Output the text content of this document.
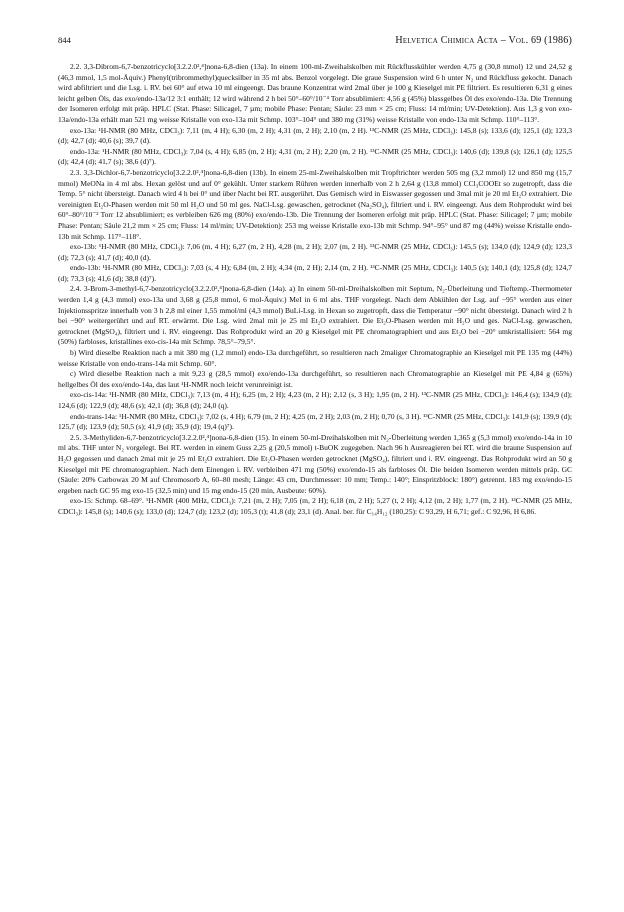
844	Helvetica Chimica Acta – Vol. 69 (1986)

2.2. 3,3-Dibrom-6,7-benzotricyclo[3.2.2.0²,⁴]nona-6,8-dien (13a). In einem 100-ml-Zweihalskolben mit Rückflusskühler werden 4,75 g (30,8 mmol) 12 und 24,52 g (46,3 mmol, 1,5 mol-Äquiv.) Phenyl(tribrommethyl)quecksilber in 35 ml abs. Benzol vorgelegt. Die graue Suspension wird 6 h unter N₂ und Rückfluss gekocht. Danach wird abfiltriert und die Lsg. i. RV. bei 60° auf etwa 10 ml eingeengt. Das braune Konzentrat wird 2mal über je 100 g Kieselgel mit PE filtriert. Es resultieren 6,31 g eines leicht gelben Öls, das exo/endo-13a/12 3:1 enthält; 12 wird während 2 h bei 50°–60°/10⁻⁴ Torr absublimiert: 4,56 g (45%) blassgelbes Öl des exo/endo-13a. Die Trennung der Isomeren erfolgt mit präp. HPLC (Stat. Phase: Silicagel, 7 µm; mobile Phase: Pentan; Säule: 23 mm × 25 cm; Fluss: 14 ml/min; UV-Detektion). Aus 1,3 g von exo-13a/endo-13a erhält man 521 mg weisse Kristalle von exo-13a mit Schmp. 103°–104° und 380 mg (31%) weisse Kristalle von endo-13a mit Schmp. 110°–113°.

exo-13a: ¹H-NMR (80 MHz, CDCl₃): 7,11 (m, 4 H); 6,30 (m, 2 H); 4,31 (m, 2 H); 2,10 (m, 2 H). ¹³C-NMR (25 MHz, CDCl₃): 145,8 (s); 133,6 (d); 125,1 (d); 123,3 (d); 42,7 (d); 40,6 (s); 39,7 (d).

endo-13a: ¹H-NMR (80 MHz, CDCl₃): 7,04 (s, 4 H); 6,85 (m, 2 H); 4,31 (m, 2 H); 2,20 (m, 2 H). ¹³C-NMR (25 MHz, CDCl₃): 140,6 (d); 139,8 (s); 126,1 (d); 125,5 (d); 42,4 (d); 41,7 (s); 38,6 (d)⁷).

2.3. 3,3-Dichlor-6,7-benzotricyclo[3.2.2.0²,⁴]nona-6,8-dien (13b). In einem 25-ml-Zweihalskolben mit Tropftrichter werden 505 mg (3,2 mmol) 12 und 850 mg (15,7 mmol) MeONa in 4 ml abs. Hexan gelöst und auf 0° gekühlt. Unter starkem Rühren werden innerhalb von 2 h 2,64 g (13,8 mmol) CCl₃COOEt so zugetropft, dass die Temp. 5° nicht übersteigt. Danach wird 4 h bei 0° und über Nacht bei RT. ausgerührt. Das Gemisch wird in Eiswasser gegossen und 3mal mit je 20 ml Et₂O extrahiert. Die vereinigten Et₂O-Phasen werden mit 50 ml H₂O und 50 ml ges. NaCl-Lsg. gewaschen, getrocknet (Na₂SO₄), filtriert und i. RV. eingeengt. Aus dem Rohprodukt wird bei 60°–80°/10⁻² Torr 12 absublimiert; es verbleiben 626 mg (80%) exo/endo-13b. Die Trennung der Isomeren erfolgt mit präp. HPLC (Stat. Phase: Silicagel; 7 µm; mobile Phase: Pentan; Säule 21,2 mm × 25 cm; Fluss: 14 ml/min; UV-Detektion): 253 mg weisse Kristalle exo-13b mit Schmp. 94°–95° und 87 mg (44%) weisse Kristalle endo-13b mit Schmp. 117°–118°.

exo-13b: ¹H-NMR (80 MHz, CDCl₃): 7,06 (m, 4 H); 6,27 (m, 2 H), 4,28 (m, 2 H); 2,07 (m, 2 H). ¹³C-NMR (25 MHz, CDCl₃): 145,5 (s); 134,0 (d); 124,9 (d); 123,3 (d); 72,3 (s); 41,7 (d); 40,0 (d).

endo-13b: ¹H-NMR (80 MHz, CDCl₃): 7,03 (s, 4 H); 6,84 (m, 2 H); 4,34 (m, 2 H); 2,14 (m, 2 H). ¹³C-NMR (25 MHz, CDCl₃): 140,5 (s); 140,1 (d); 125,8 (d); 124,7 (d); 73,3 (s); 41,6 (d); 38,8 (d)⁷).

2.4. 3-Brom-3-methyl-6,7-benzotricyclo[3.2.2.0²,⁴]nona-6,8-dien (14a). a) In einem 50-ml-Dreihalskolben mit Septum, N₂-Überleitung und Tieftemp.-Thermometer werden 1,4 g (4,3 mmol) exo-13a und 3,68 g (25,8 mmol, 6 mol-Äquiv.) MeI in 6 ml abs. THF vorgelegt. Nach dem Abkühlen der Lsg. auf −95° werden aus einer Injektionsspritze innerhalb von 3 h 2,8 ml einer 1,55 mmol/ml (4,3 mmol) BuLi-Lsg. in Hexan so zugetropft, dass die Temperatur −90° nicht übersteigt. Danach wird 2 h bei −90° weitergerührt und auf RT. erwärmt. Die Lsg. wird 2mal mit je 25 ml Et₂O extrahiert. Die Et₂O-Phasen werden mit H₂O und ges. NaCl-Lsg. gewaschen, getrocknet (MgSO₄), filtriert und i. RV. eingeengt. Das Rohprodukt wird an 20 g Kieselgel mit PE chromatographiert und aus Et₂O bei −20° umkristallisiert: 564 mg (50%) farbloses, kristallines exo-cis-14a mit Schmp. 78,5°–79,5°.

b) Wird dieselbe Reaktion nach a mit 380 mg (1,2 mmol) endo-13a durchgeführt, so resultieren nach 2maliger Chromatographie an Kieselgel mit PE 135 mg (44%) weisse Kristalle von endo-trans-14a mit Schmp. 60°.

c) Wird dieselbe Reaktion nach a mit 9,23 g (28,5 mmol) exo/endo-13a durchgeführt, so resultieren nach Chromatographie an Kieselgel mit PE 4,84 g (65%) hellgelbes Öl des exo/endo-14a, das laut ¹H-NMR noch leicht verunreinigt ist.

exo-cis-14a: ¹H-NMR (80 MHz, CDCl₃): 7,13 (m, 4 H); 6,25 (m, 2 H); 4,23 (m, 2 H); 2,12 (s, 3 H); 1,95 (m, 2 H). ¹³C-NMR (25 MHz, CDCl₃): 146,4 (s); 134,9 (d); 124,6 (d); 122,9 (d); 48,6 (s); 42,1 (d); 36,8 (d); 24,0 (q).

endo-trans-14a: ¹H-NMR (80 MHz, CDCl₃): 7,02 (s, 4 H); 6,79 (m, 2 H); 4,25 (m, 2 H); 2,03 (m, 2 H); 0,70 (s, 3 H). ¹³C-NMR (25 MHz, CDCl₃): 141,9 (s); 139,9 (d); 125,7 (d); 123,9 (d); 50,5 (s); 41,9 (d); 35,9 (d); 19,4 (q)⁷).

2.5. 3-Methyliden-6,7-benzotricyclo[3.2.2.0²,⁴]nona-6,8-dien (15). In einem 50-ml-Dreihalskolben mit N₂-Überleitung werden 1,365 g (5,3 mmol) exo/endo-14a in 10 ml abs. THF unter N₂ vorgelegt. Bei RT. werden in einem Guss 2,25 g (20,5 mmol) t-BuOK zugegeben. Nach 96 h Ausreagieren bei RT. wird die braune Suspension auf H₂O gegossen und danach 2mal mit je 25 ml Et₂O extrahiert. Die Et₂O-Phasen werden getrocknet (MgSO₄), filtriert und i. RV. eingeengt. Das Rohprodukt wird an 50 g Kieselgel mit PE chromatographiert. Nach dem Einengen i. RV. verbleiben 471 mg (50%) exo/endo-15 als farbloses Öl. Die beiden Isomeren werden mittels präp. GC (Säule: 20% Carbowax 20 M auf Chromosorb A, 60–80 mesh; Länge: 43 cm, Durchmesser: 10 mm; Temp.: 140°; Einspritzblock: 180°) getrennt. 183 mg exo/endo-15 ergeben nach GC 95 mg exo-15 (32,5 min) und 15 mg endo-15 (20 min, Ausbeute: 60%).

exo-15: Schmp. 68–69°. ¹H-NMR (400 MHz, CDCl₃): 7,21 (m, 2 H); 7,05 (m, 2 H); 6,18 (m, 2 H); 5,27 (t, 2 H); 4,12 (m, 2 H); 1,77 (m, 2 H). ¹³C-NMR (25 MHz, CDCl₃): 145,8 (s); 140,6 (s); 133,0 (d); 124,7 (d); 123,2 (d); 105,3 (t); 41,8 (d); 23,1 (d). Anal. ber. für C₁₄H₁₂ (180,25): C 93,29, H 6,71; gef.: C 92,96, H 6,86.
